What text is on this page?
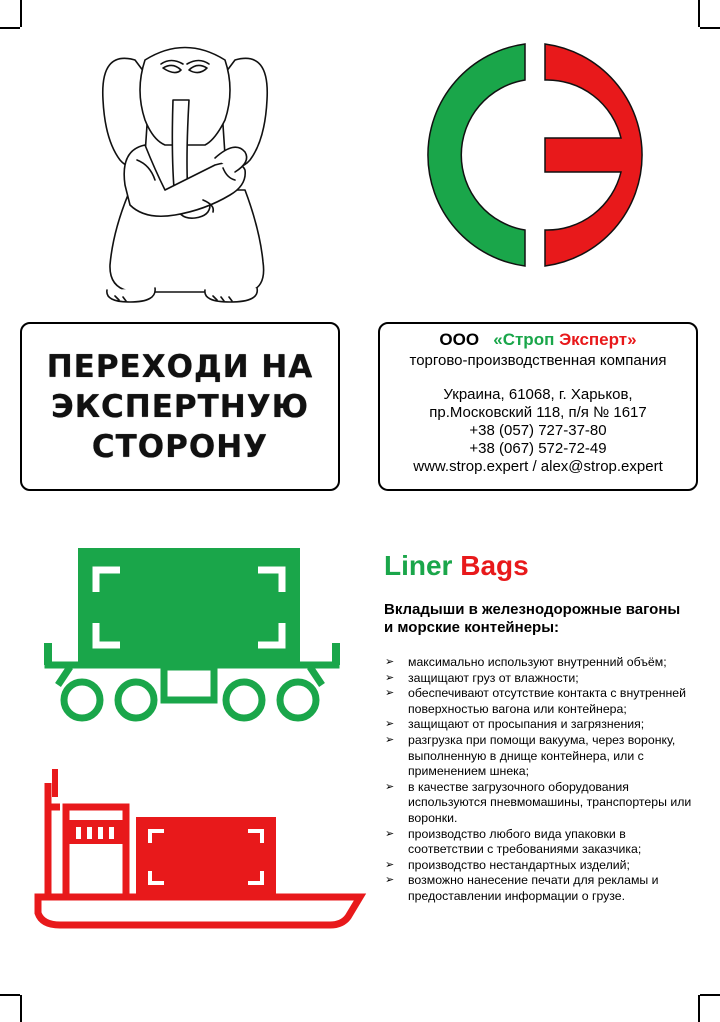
ПЕРЕХОДИ НА
ЭКСПЕРТНУЮ
СТОРОНУ
ООО «Строп Эксперт»
торгово-производственная компания
Украина, 61068, г. Харьков,
пр.Московский 118, п/я № 1617
+38 (057) 727-37-80
+38 (067) 572-72-49
www.strop.expert / alex@strop.expert
Liner Bags
Вкладыши в железнодорожные вагоны и морские контейнеры:
➢ максимально используют внутренний объём;
➢ защищают груз от влажности;
➢ обеспечивают отсутствие контакта с внутренней поверхностью вагона или контейнера;
➢ защищают от просыпания и загрязнения;
➢ разгрузка при помощи вакуума, через воронку, выполненную в днище контейнера, или с применением шнека;
➢ в качестве загрузочного оборудования используются пневмомашины, транспортеры или воронки.
➢ производство любого вида упаковки в соответствии с требованиями заказчика;
➢ производство нестандартных изделий;
➢ возможно нанесение печати для рекламы и предоставлении информации о грузе.
